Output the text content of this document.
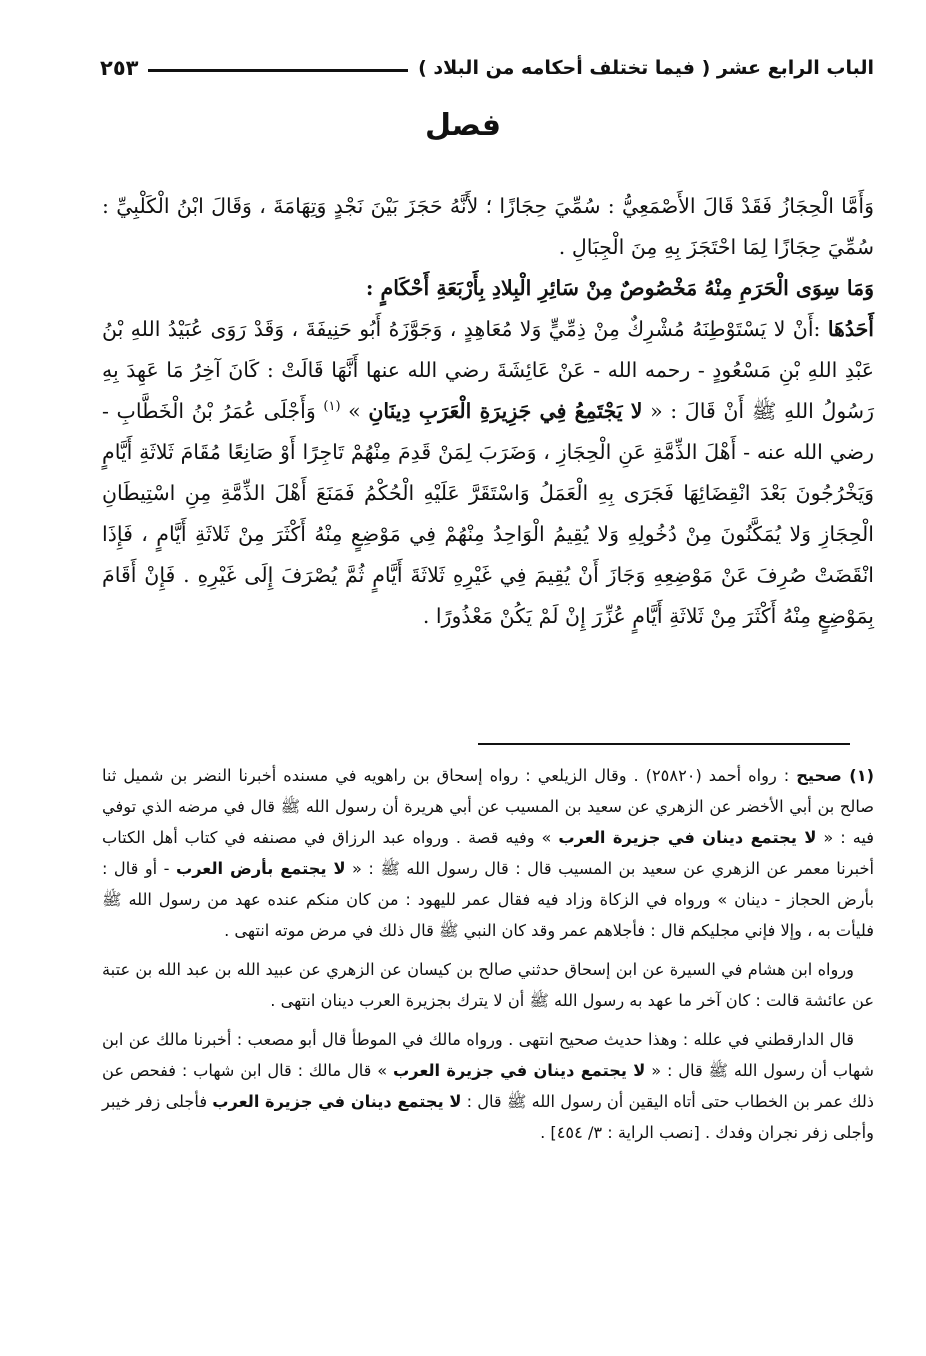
الباب الرابع عشر ( فيما تختلف أحكامه من البلاد )
٢٥٣
فصل

وَأَمَّا الْحِجَازُ فَقَدْ قَالَ الأَصْمَعِيُّ : سُمِّيَ حِجَازًا ؛ لأَنَّهُ حَجَزَ بَيْنَ نَجْدٍ وَتِهَامَةَ ، وَقَالَ ابْنُ الْكَلْبِيِّ : سُمِّيَ حِجَازًا لِمَا احْتَجَزَ بِهِ مِنَ الْجِبَالِ .

وَمَا سِوَى الْحَرَمِ مِنْهُ مَخْصُوصٌ مِنْ سَائِرِ الْبِلادِ بِأَرْبَعَةِ أَحْكَامٍ :

أَحَدُهَا :أَنْ لا يَسْتَوْطِنَهُ مُشْرِكٌ مِنْ ذِمِّيٍّ وَلا مُعَاهِدٍ ، وَجَوَّزَهُ أَبُو حَنِيفَةَ ، وَقَدْ رَوَى عُبَيْدُ اللهِ بْنُ عَبْدِ اللهِ بْنِ مَسْعُودٍ - رحمه الله - عَنْ عَائِشَةَ رضي الله عنها أَنَّهَا قَالَتْ : كَانَ آخِرُ مَا عَهِدَ بِهِ رَسُولُ اللهِ ﷺ أَنْ قَالَ : « لا يَجْتَمِعُ فِي جَزِيرَةِ الْعَرَبِ دِينَانِ » $^{(١)}$ وَأَجْلَى عُمَرُ بْنُ الْخَطَّابِ - رضي الله عنه - أَهْلَ الذِّمَّةِ عَنِ الْحِجَازِ ، وَضَرَبَ لِمَنْ قَدِمَ مِنْهُمْ تَاجِرًا أَوْ صَانِعًا مُقَامَ ثَلاثَةِ أَيَّامٍ وَيَخْرُجُونَ بَعْدَ انْقِضَائِهَا فَجَرَى بِهِ الْعَمَلُ وَاسْتَقَرَّ عَلَيْهِ الْحُكْمُ فَمَنَعَ أَهْلَ الذِّمَّةِ مِنِ اسْتِيطَانِ الْحِجَازِ وَلا يُمَكَّنُونَ مِنْ دُخُولِهِ وَلا يُقِيمُ الْوَاحِدُ مِنْهُمْ فِي مَوْضِعٍ مِنْهُ أَكْثَرَ مِنْ ثَلاثَةِ أَيَّامٍ ، فَإِذَا انْقَضَتْ صُرِفَ عَنْ مَوْضِعِهِ وَجَازَ أَنْ يُقِيمَ فِي غَيْرِهِ ثَلاثَةَ أَيَّامٍ ثُمَّ يُصْرَفَ إِلَى غَيْرِهِ . فَإِنْ أَقَامَ بِمَوْضِعٍ مِنْهُ أَكْثَرَ مِنْ ثَلاثَةِ أَيَّامٍ عُزِّرَ إِنْ لَمْ يَكُنْ مَعْذُورًا .

(١) صحيح : رواه أحمد (٢٥٨٢٠) . وقال الزيلعي : رواه إسحاق بن راهويه في مسنده أخبرنا النضر بن شميل ثنا صالح بن أبي الأخضر عن الزهري عن سعيد بن المسيب عن أبي هريرة أن رسول الله ﷺ قال في مرضه الذي توفي فيه : « لا يجتمع دينان في جزيرة العرب » وفيه قصة . ورواه عبد الرزاق في مصنفه في كتاب أهل الكتاب أخبرنا معمر عن الزهري عن سعيد بن المسيب قال : قال رسول الله ﷺ : « لا يجتمع بأرض العرب - أو قال : بأرض الحجاز - دينان » ورواه في الزكاة وزاد فيه فقال عمر لليهود : من كان منكم عنده عهد من رسول الله ﷺ فليأت به ، وإلا فإني مجليكم قال : فأجلاهم عمر وقد كان النبي ﷺ قال ذلك في مرض موته انتهى .

ورواه ابن هشام في السيرة عن ابن إسحاق حدثني صالح بن كيسان عن الزهري عن عبيد الله بن عبد الله بن عتبة عن عائشة قالت : كان آخر ما عهد به رسول الله ﷺ أن لا يترك بجزيرة العرب دينان انتهى .

قال الدارقطني في علله : وهذا حديث صحيح انتهى . ورواه مالك في الموطأ قال أبو مصعب : أخبرنا مالك عن ابن شهاب أن رسول الله ﷺ قال : « لا يجتمع دينان في جزيرة العرب » قال مالك : قال ابن شهاب : ففحص عن ذلك عمر بن الخطاب حتى أتاه اليقين أن رسول الله ﷺ قال : لا يجتمع دينان في جزيرة العرب فأجلى زفر خيبر وأجلى زفر نجران وفدك . [نصب الراية : ٣/ ٤٥٤] .
